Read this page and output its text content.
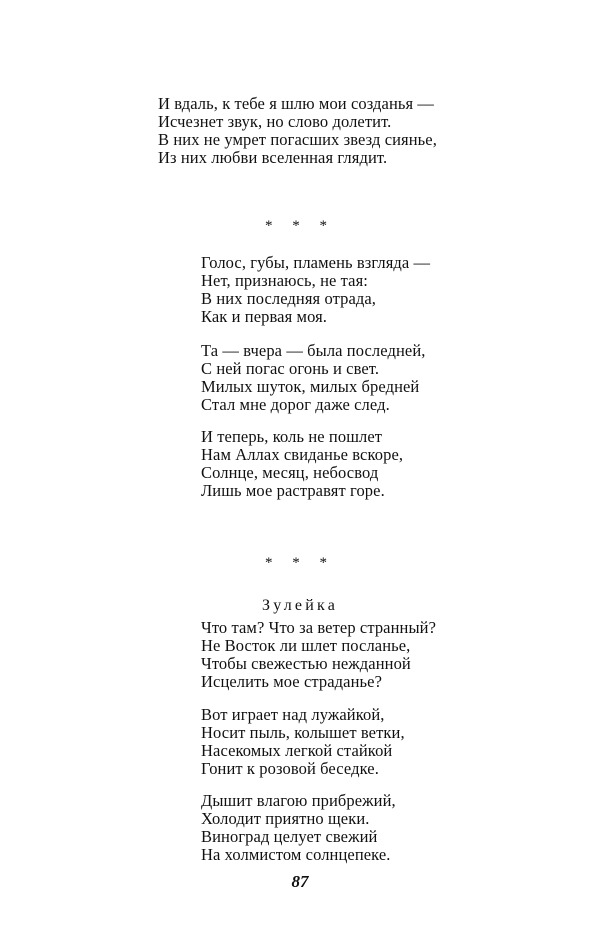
И вдаль, к тебе я шлю мои созданья —
Исчезнет звук, но слово долетит.
В них не умрет погасших звезд сиянье,
Из них любви вселенная глядит.
* * *
Голос, губы, пламень взгляда —
Нет, признаюсь, не тая:
В них последняя отрада,
Как и первая моя.
Та — вчера — была последней,
С ней погас огонь и свет.
Милых шуток, милых бредней
Стал мне дорог даже след.
И теперь, коль не пошлет
Нам Аллах свиданье вскоре,
Солнце, месяц, небосвод
Лишь мое растравят горе.
* * *
Зулейка
Что там? Что за ветер странный?
Не Восток ли шлет посланье,
Чтобы свежестью нежданной
Исцелить мое страданье?
Вот играет над лужайкой,
Носит пыль, колышет ветки,
Насекомых легкой стайкой
Гонит к розовой беседке.
Дышит влагою прибрежий,
Холодит приятно щеки.
Виноград целует свежий
На холмистом солнцепеке.
87
